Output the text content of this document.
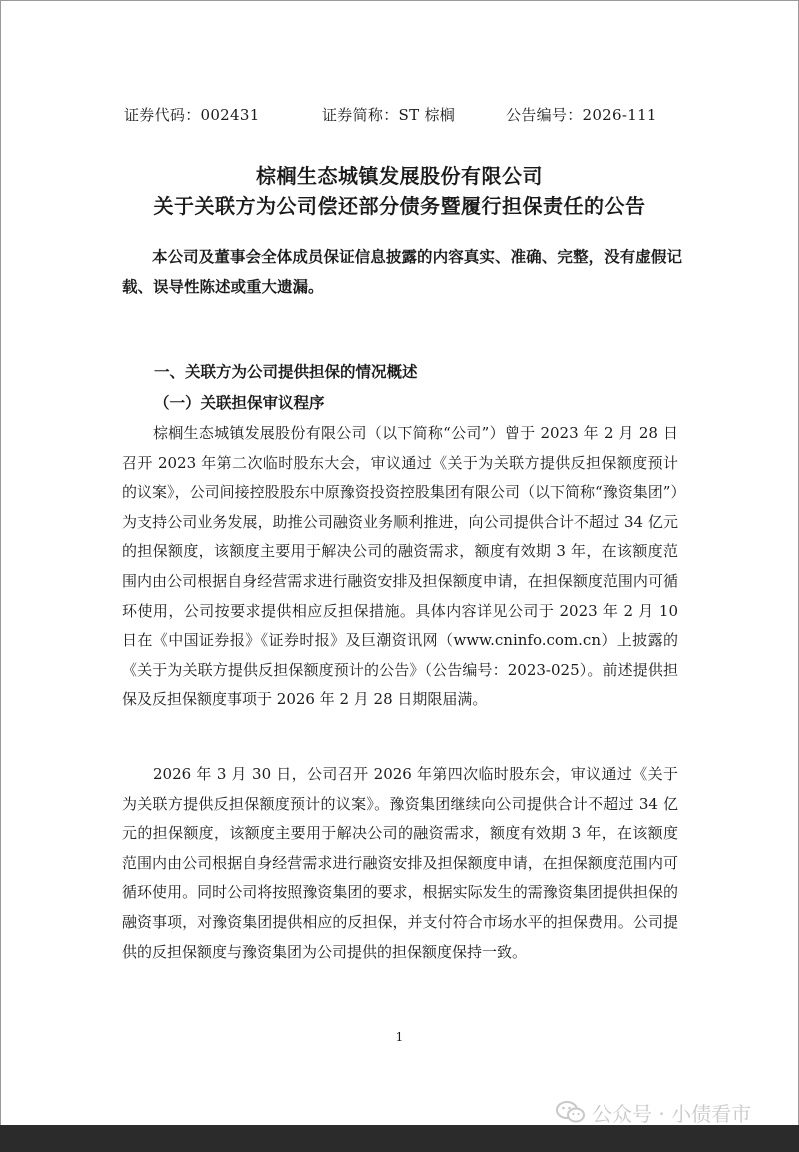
证券代码：002431	证券简称：ST 棕榈	公告编号：2026-111
棕榈生态城镇发展股份有限公司
关于关联方为公司偿还部分债务暨履行担保责任的公告
本公司及董事会全体成员保证信息披露的内容真实、准确、完整，没有虚假记载、误导性陈述或重大遗漏。
一、关联方为公司提供担保的情况概述
（一）关联担保审议程序
棕榈生态城镇发展股份有限公司（以下简称“公司”）曾于 2023 年 2 月 28 日召开 2023 年第二次临时股东大会，审议通过《关于为关联方提供反担保额度预计的议案》，公司间接控股股东中原豫资投资控股集团有限公司（以下简称“豫资集团”）为支持公司业务发展，助推公司融资业务顺利推进，向公司提供合计不超过 34 亿元的担保额度，该额度主要用于解决公司的融资需求，额度有效期 3 年，在该额度范围内由公司根据自身经营需求进行融资安排及担保额度申请，在担保额度范围内可循环使用，公司按要求提供相应反担保措施。具体内容详见公司于 2023 年 2 月 10 日在《中国证券报》《证券时报》及巨潮资讯网（www.cninfo.com.cn）上披露的《关于为关联方提供反担保额度预计的公告》（公告编号：2023-025）。前述提供担保及反担保额度事项于 2026 年 2 月 28 日期限届满。
2026 年 3 月 30 日，公司召开 2026 年第四次临时股东会，审议通过《关于为关联方提供反担保额度预计的议案》。豫资集团继续向公司提供合计不超过 34 亿元的担保额度，该额度主要用于解决公司的融资需求，额度有效期 3 年，在该额度范围内由公司根据自身经营需求进行融资安排及担保额度申请，在担保额度范围内可循环使用。同时公司将按照豫资集团的要求，根据实际发生的需豫资集团提供担保的融资事项，对豫资集团提供相应的反担保，并支付符合市场水平的担保费用。公司提供的反担保额度与豫资集团为公司提供的担保额度保持一致。
1
公众号 · 小债看市
